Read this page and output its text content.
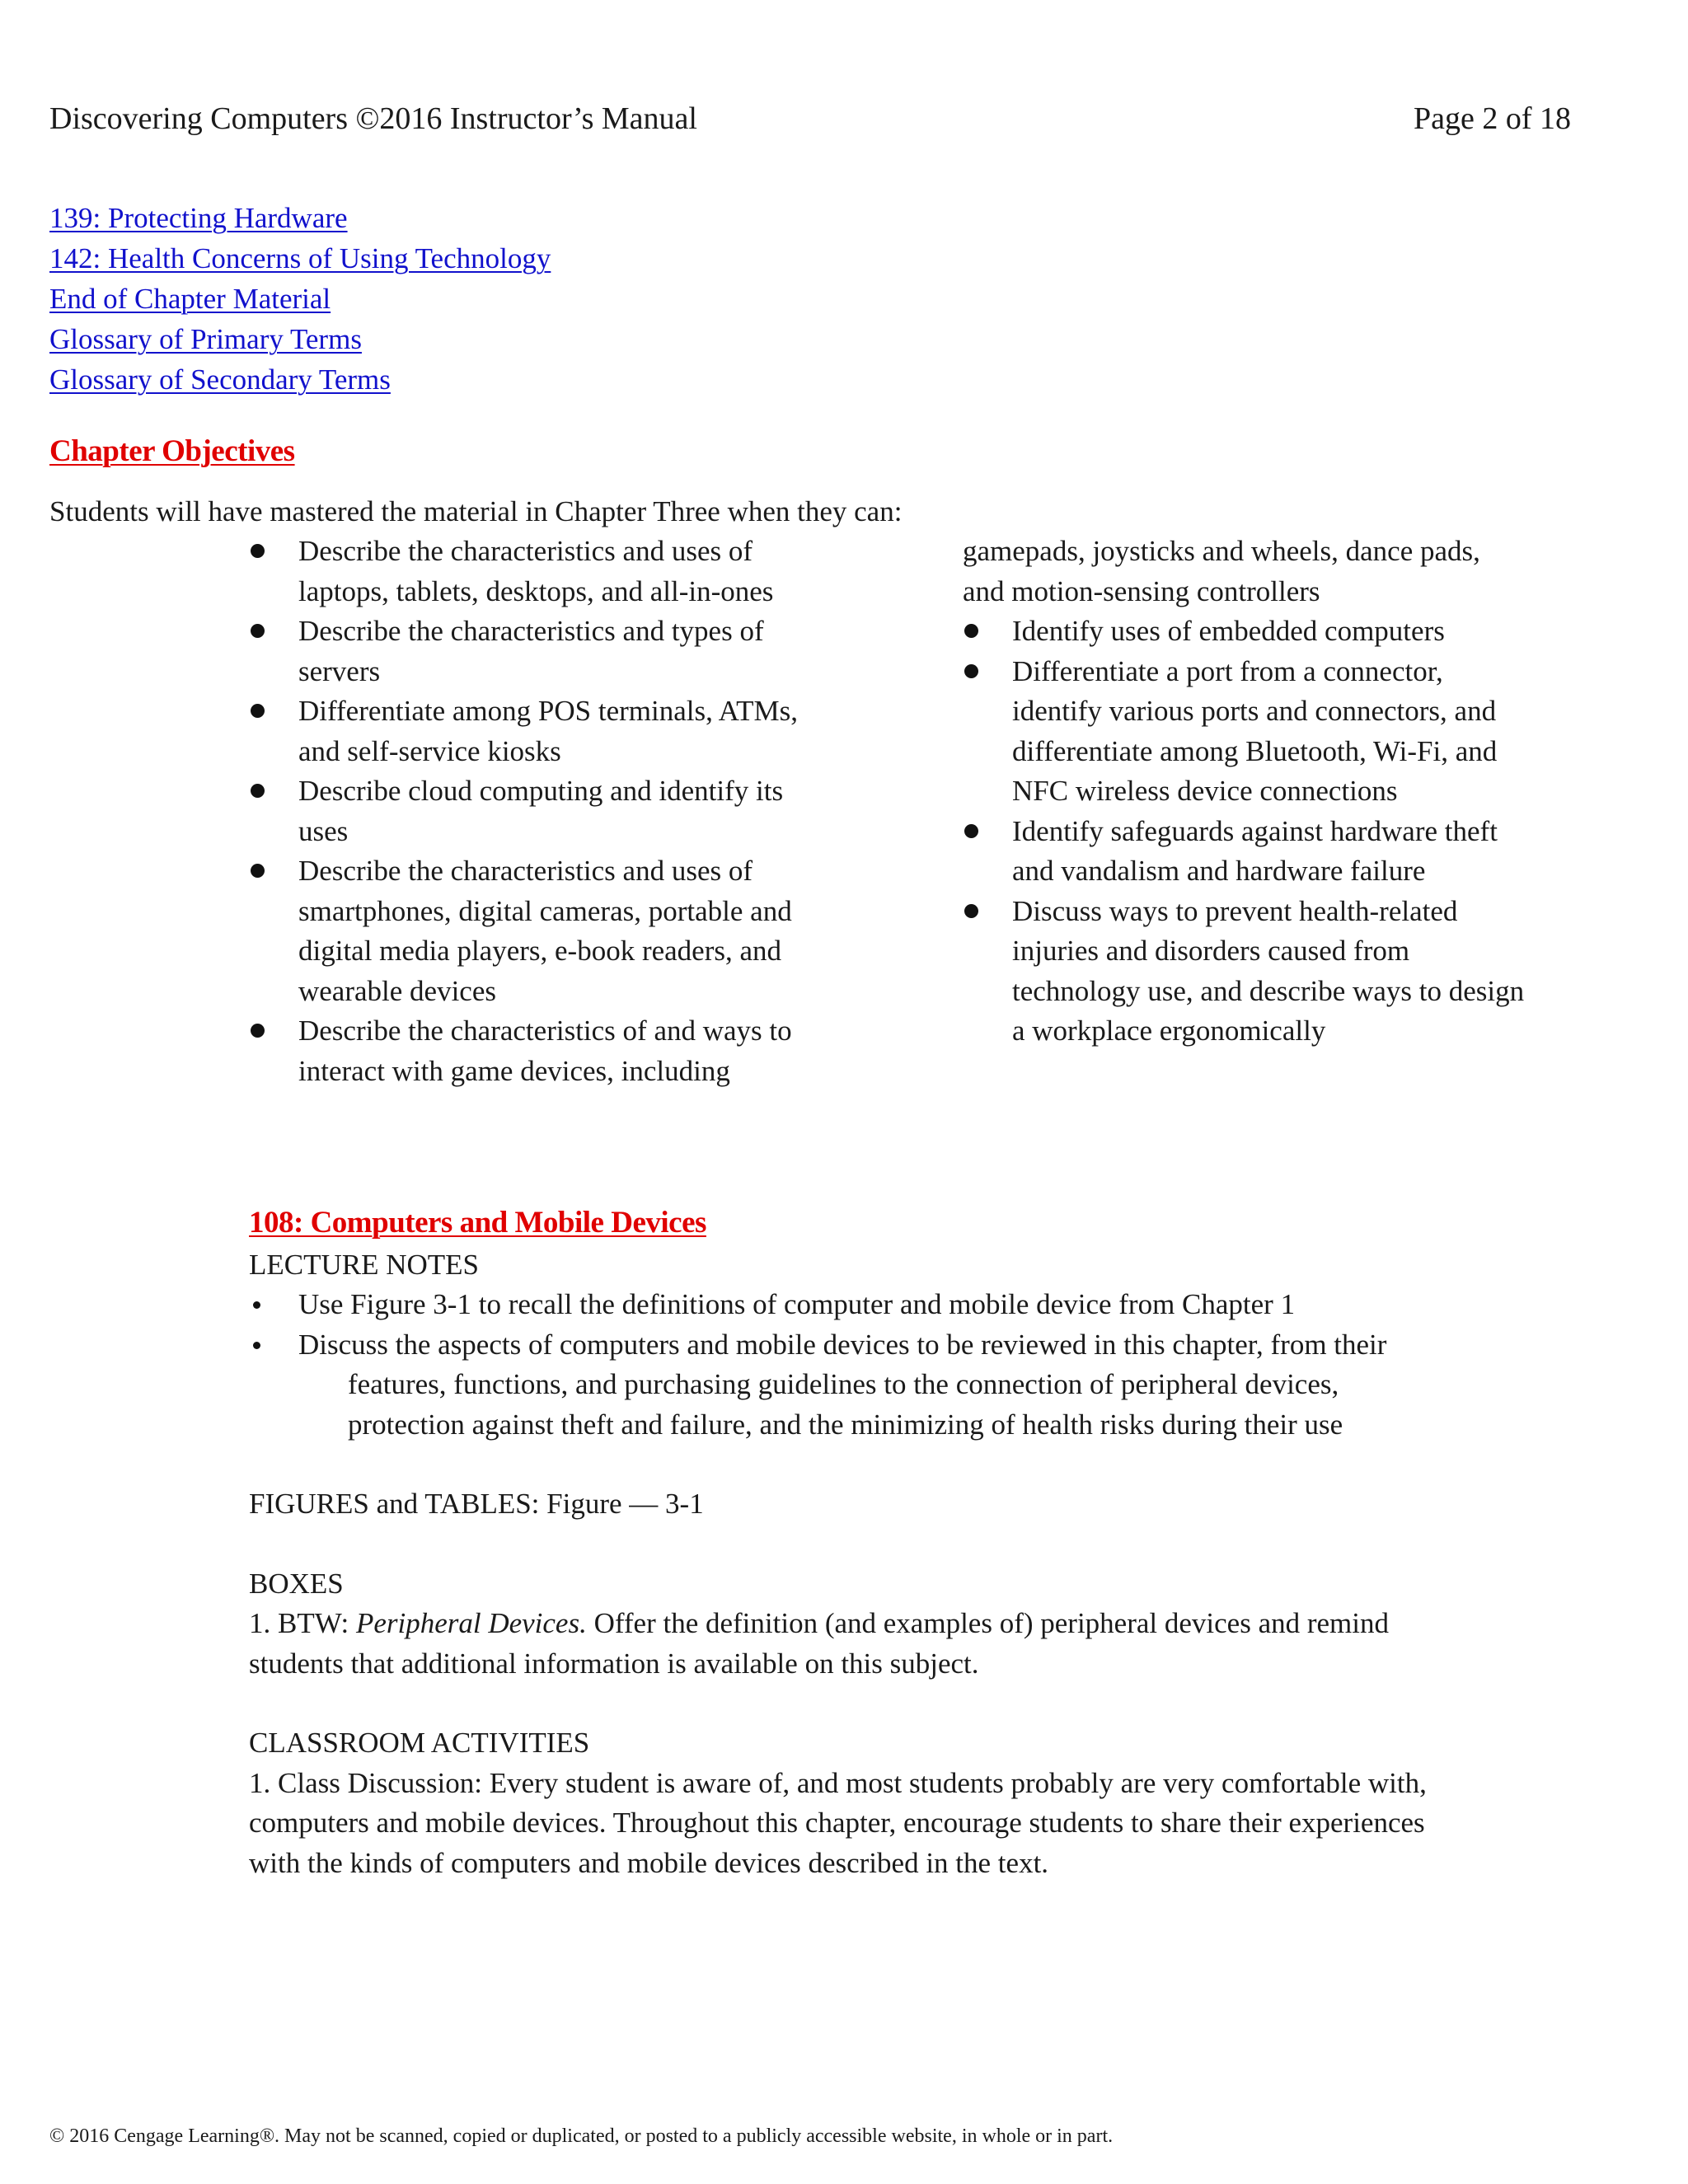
Discovering Computers ©2016 Instructor’s Manual	Page 2 of 18
139: Protecting Hardware
142: Health Concerns of Using Technology
End of Chapter Material
Glossary of Primary Terms
Glossary of Secondary Terms
Chapter Objectives
Students will have mastered the material in Chapter Three when they can:
Describe the characteristics and uses of
laptops, tablets, desktops, and all-in-ones
Describe the characteristics and types of
servers
Differentiate among POS terminals, ATMs,
and self-service kiosks
Describe cloud computing and identify its
uses
Describe the characteristics and uses of
smartphones, digital cameras, portable and
digital media players, e-book readers, and
wearable devices
Describe the characteristics of and ways to
interact with game devices, including
gamepads, joysticks and wheels, dance pads,
and motion-sensing controllers
Identify uses of embedded computers
Differentiate a port from a connector,
identify various ports and connectors, and
differentiate among Bluetooth, Wi-Fi, and
NFC wireless device connections
Identify safeguards against hardware theft
and vandalism and hardware failure
Discuss ways to prevent health-related
injuries and disorders caused from
technology use, and describe ways to design
a workplace ergonomically
108: Computers and Mobile Devices
LECTURE NOTES
Use Figure 3-1 to recall the definitions of computer and mobile device from Chapter 1
Discuss the aspects of computers and mobile devices to be reviewed in this chapter, from their
features, functions, and purchasing guidelines to the connection of peripheral devices,
protection against theft and failure, and the minimizing of health risks during their use
FIGURES and TABLES: Figure — 3-1
BOXES
1. BTW: Peripheral Devices. Offer the definition (and examples of) peripheral devices and remind
students that additional information is available on this subject.
CLASSROOM ACTIVITIES
1. Class Discussion: Every student is aware of, and most students probably are very comfortable with,
computers and mobile devices. Throughout this chapter, encourage students to share their experiences
with the kinds of computers and mobile devices described in the text.
© 2016 Cengage Learning®. May not be scanned, copied or duplicated, or posted to a publicly accessible website, in whole or in part.
